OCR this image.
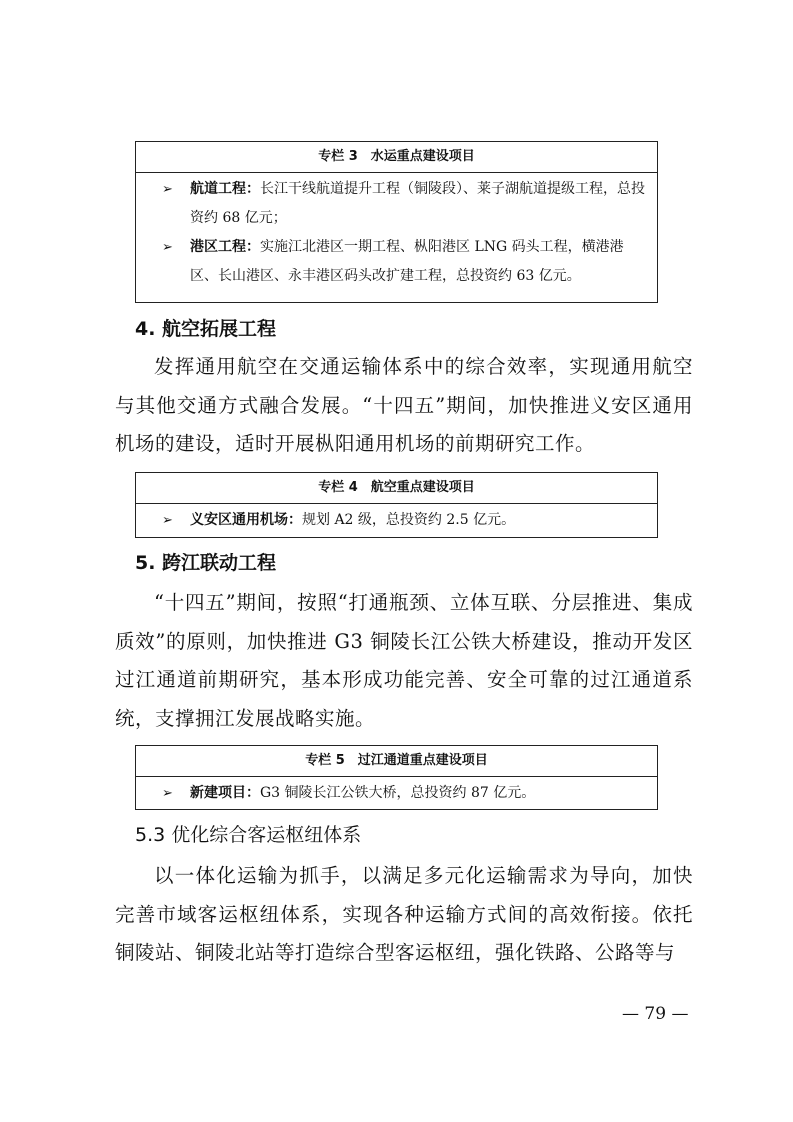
专栏 3　水运重点建设项目
➢ 航道工程：长江干线航道提升工程（铜陵段）、莱子湖航道提级工程，总投资约 68 亿元；
➢ 港区工程：实施江北港区一期工程、枞阳港区 LNG 码头工程，横港港区、长山港区、永丰港区码头改扩建工程，总投资约 63 亿元。
4. 航空拓展工程
发挥通用航空在交通运输体系中的综合效率，实现通用航空与其他交通方式融合发展。“十四五”期间，加快推进义安区通用机场的建设，适时开展枞阳通用机场的前期研究工作。
专栏 4　航空重点建设项目
➢ 义安区通用机场：规划 A2 级，总投资约 2.5 亿元。
5. 跨江联动工程
“十四五”期间，按照“打通瓶颈、立体互联、分层推进、集成质效”的原则，加快推进 G3 铜陵长江公铁大桥建设，推动开发区过江通道前期研究，基本形成功能完善、安全可靠的过江通道系统，支撑拥江发展战略实施。
专栏 5　过江通道重点建设项目
➢ 新建项目：G3 铜陵长江公铁大桥，总投资约 87 亿元。
5.3 优化综合客运枢纽体系
以一体化运输为抓手，以满足多元化运输需求为导向，加快完善市域客运枢纽体系，实现各种运输方式间的高效衔接。依托铜陵站、铜陵北站等打造综合型客运枢纽，强化铁路、公路等与
— 79 —
